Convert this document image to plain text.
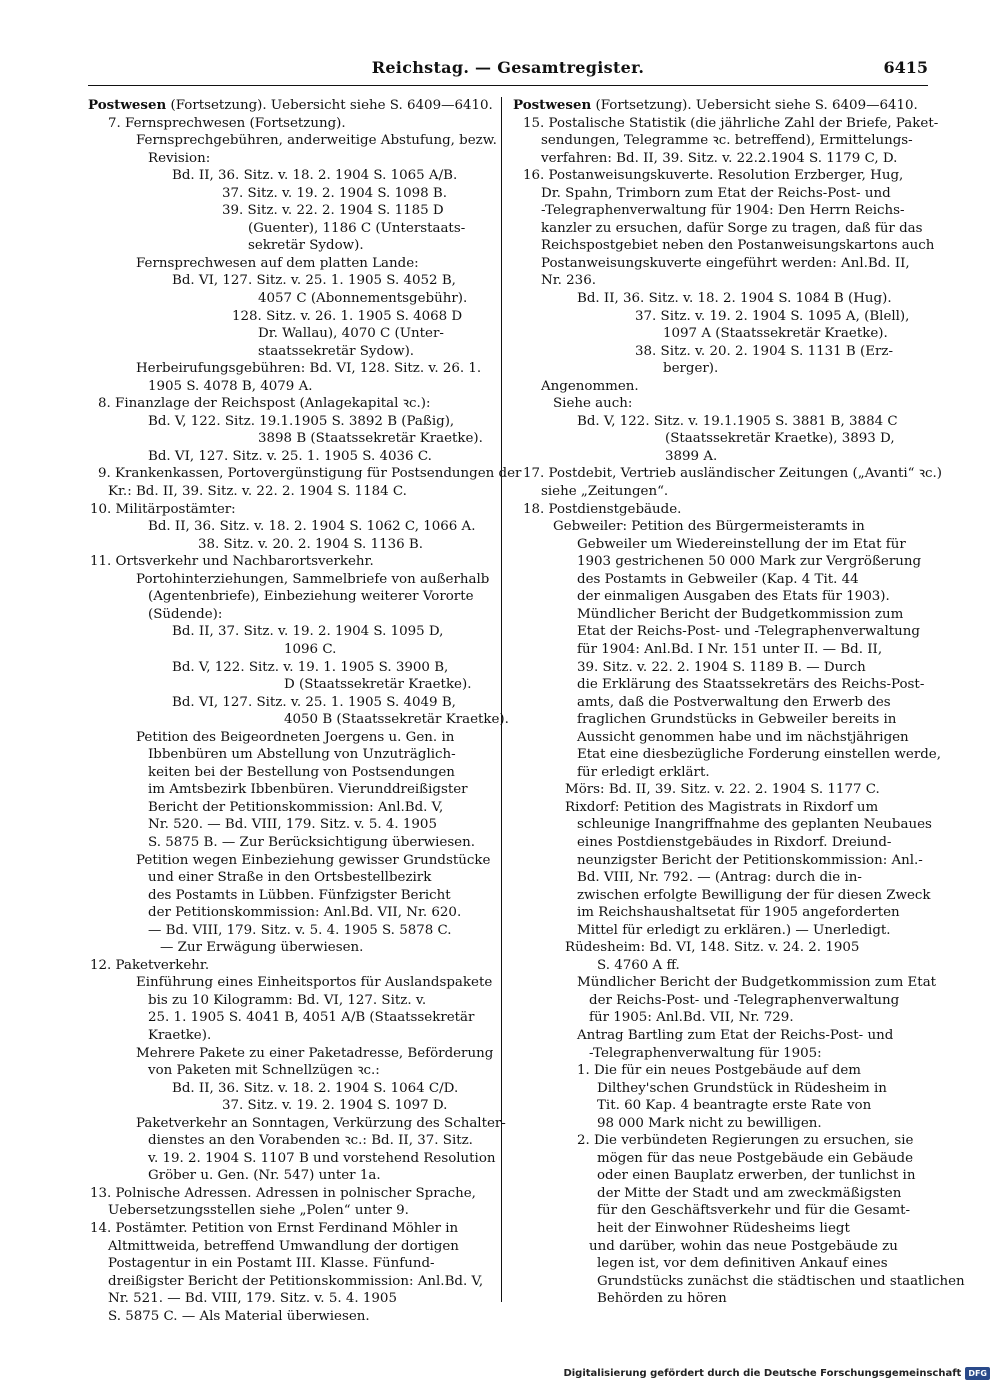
Reichstag. — Gesamtregister.	6415
Postwesen (Fortsetzung). Uebersicht siehe S. 6409—6410.
7. Fernsprechwesen (Fortsetzung).
Fernsprechgebühren, anderweitige Abstufung, bezw.
Revision:
Bd. II, 36. Sitz. v. 18. 2. 1904 S. 1065 A/B.
37. Sitz. v. 19. 2. 1904 S. 1098 B.
39. Sitz. v. 22. 2. 1904 S. 1185 D
(Guenter), 1186 C (Unterstaats-
sekretär Sydow).
Fernsprechwesen auf dem platten Lande:
Bd. VI, 127. Sitz. v. 25. 1. 1905 S. 4052 B,
4057 C (Abonnementsgebühr).
128. Sitz. v. 26. 1. 1905 S. 4068 D
Dr. Wallau), 4070 C (Unter-
staatssekretär Sydow).
Herbeirufungsgebühren: Bd. VI, 128. Sitz. v. 26. 1.
1905 S. 4078 B, 4079 A.
8. Finanzlage der Reichspost (Anlagekapital ꝛc.):
Bd. V, 122. Sitz. 19.1.1905 S. 3892 B (Paßig),
3898 B (Staatssekretär Kraetke).
Bd. VI, 127. Sitz. v. 25. 1. 1905 S. 4036 C.
9. Krankenkassen, Portovergünstigung für Postsendungen der
Kr.: Bd. II, 39. Sitz. v. 22. 2. 1904 S. 1184 C.
10. Militärpostämter:
Bd. II, 36. Sitz. v. 18. 2. 1904 S. 1062 C, 1066 A.
38. Sitz. v. 20. 2. 1904 S. 1136 B.
11. Ortsverkehr und Nachbarortsverkehr.
Portohinterziehungen, Sammelbriefe von außerhalb
(Agentenbriefe), Einbeziehung weiterer Vororte
(Südende):
Bd. II, 37. Sitz. v. 19. 2. 1904 S. 1095 D,
1096 C.
Bd. V, 122. Sitz. v. 19. 1. 1905 S. 3900 B,
D (Staatssekretär Kraetke).
Bd. VI, 127. Sitz. v. 25. 1. 1905 S. 4049 B,
4050 B (Staatssekretär Kraetke).
Petition des Beigeordneten Joergens u. Gen. in
Ibbenbüren um Abstellung von Unzuträglich-
keiten bei der Bestellung von Postsendungen
im Amtsbezirk Ibbenbüren. Vierunddreißigster
Bericht der Petitionskommission: Anl.Bd. V,
Nr. 520. — Bd. VIII, 179. Sitz. v. 5. 4. 1905
S. 5875 B. — Zur Berücksichtigung überwiesen.
Petition wegen Einbeziehung gewisser Grundstücke
und einer Straße in den Ortsbestellbezirk
des Postamts in Lübben. Fünfzigster Bericht
der Petitionskommission: Anl.Bd. VII, Nr. 620.
— Bd. VIII, 179. Sitz. v. 5. 4. 1905 S. 5878 C.
— Zur Erwägung überwiesen.
12. Paketverkehr.
Einführung eines Einheitsportos für Auslandspakete
bis zu 10 Kilogramm: Bd. VI, 127. Sitz. v.
25. 1. 1905 S. 4041 B, 4051 A/B (Staatssekretär
Kraetke).
Mehrere Pakete zu einer Paketadresse, Beförderung
von Paketen mit Schnellzügen ꝛc.:
Bd. II, 36. Sitz. v. 18. 2. 1904 S. 1064 C/D.
37. Sitz. v. 19. 2. 1904 S. 1097 D.
Paketverkehr an Sonntagen, Verkürzung des Schalter-
dienstes an den Vorabenden ꝛc.: Bd. II, 37. Sitz.
v. 19. 2. 1904 S. 1107 B und vorstehend Resolution
Gröber u. Gen. (Nr. 547) unter 1a.
13. Polnische Adressen. Adressen in polnischer Sprache,
Uebersetzungsstellen siehe „Polen“ unter 9.
14. Postämter. Petition von Ernst Ferdinand Möhler in
Altmittweida, betreffend Umwandlung der dortigen
Postagentur in ein Postamt III. Klasse. Fünfund-
dreißigster Bericht der Petitionskommission: Anl.Bd. V,
Nr. 521. — Bd. VIII, 179. Sitz. v. 5. 4. 1905
S. 5875 C. — Als Material überwiesen.
Postwesen (Fortsetzung). Uebersicht siehe S. 6409—6410.
15. Postalische Statistik (die jährliche Zahl der Briefe, Paket-
sendungen, Telegramme ꝛc. betreffend), Ermittelungs-
verfahren: Bd. II, 39. Sitz. v. 22.2.1904 S. 1179 C, D.
16. Postanweisungskuverte. Resolution Erzberger, Hug,
Dr. Spahn, Trimborn zum Etat der Reichs-Post- und
-Telegraphenverwaltung für 1904: Den Herrn Reichs-
kanzler zu ersuchen, dafür Sorge zu tragen, daß für das
Reichspostgebiet neben den Postanweisungskartons auch
Postanweisungskuverte eingeführt werden: Anl.Bd. II,
Nr. 236.
Bd. II, 36. Sitz. v. 18. 2. 1904 S. 1084 B (Hug).
37. Sitz. v. 19. 2. 1904 S. 1095 A, (Blell),
1097 A (Staatssekretär Kraetke).
38. Sitz. v. 20. 2. 1904 S. 1131 B (Erz-
berger).
Angenommen.
Siehe auch:
Bd. V, 122. Sitz. v. 19.1.1905 S. 3881 B, 3884 C
(Staatssekretär Kraetke), 3893 D,
3899 A.
17. Postdebit, Vertrieb ausländischer Zeitungen („Avanti“ ꝛc.)
siehe „Zeitungen“.
18. Postdienstgebäude.
Gebweiler: Petition des Bürgermeisteramts in
Gebweiler um Wiedereinstellung der im Etat für
1903 gestrichenen 50 000 Mark zur Vergrößerung
des Postamts in Gebweiler (Kap. 4 Tit. 44
der einmaligen Ausgaben des Etats für 1903).
Mündlicher Bericht der Budgetkommission zum
Etat der Reichs-Post- und -Telegraphenverwaltung
für 1904: Anl.Bd. I Nr. 151 unter II. — Bd. II,
39. Sitz. v. 22. 2. 1904 S. 1189 B. — Durch
die Erklärung des Staatssekretärs des Reichs-Post-
amts, daß die Postverwaltung den Erwerb des
fraglichen Grundstücks in Gebweiler bereits in
Aussicht genommen habe und im nächstjährigen
Etat eine diesbezügliche Forderung einstellen werde,
für erledigt erklärt.
Mörs: Bd. II, 39. Sitz. v. 22. 2. 1904 S. 1177 C.
Rixdorf: Petition des Magistrats in Rixdorf um
schleunige Inangriffnahme des geplanten Neubaues
eines Postdienstgebäudes in Rixdorf. Dreiund-
neunzigster Bericht der Petitionskommission: Anl.-
Bd. VIII, Nr. 792. — (Antrag: durch die in-
zwischen erfolgte Bewilligung der für diesen Zweck
im Reichshaushaltsetat für 1905 angeforderten
Mittel für erledigt zu erklären.) — Unerledigt.
Rüdesheim: Bd. VI, 148. Sitz. v. 24. 2. 1905
S. 4760 A ff.
Mündlicher Bericht der Budgetkommission zum Etat
der Reichs-Post- und -Telegraphenverwaltung
für 1905: Anl.Bd. VII, Nr. 729.
Antrag Bartling zum Etat der Reichs-Post- und
-Telegraphenverwaltung für 1905:
1. Die für ein neues Postgebäude auf dem
Dilthey'schen Grundstück in Rüdesheim in
Tit. 60 Kap. 4 beantragte erste Rate von
98 000 Mark nicht zu bewilligen.
2. Die verbündeten Regierungen zu ersuchen, sie
mögen für das neue Postgebäude ein Gebäude
oder einen Bauplatz erwerben, der tunlichst in
der Mitte der Stadt und am zweckmäßigsten
für den Geschäftsverkehr und für die Gesamt-
heit der Einwohner Rüdesheims liegt
und darüber, wohin das neue Postgebäude zu
legen ist, vor dem definitiven Ankauf eines
Grundstücks zunächst die städtischen und staatlichen
Behörden zu hören
Digitalisierung gefördert durch die Deutsche Forschungsgemeinschaft DFG
